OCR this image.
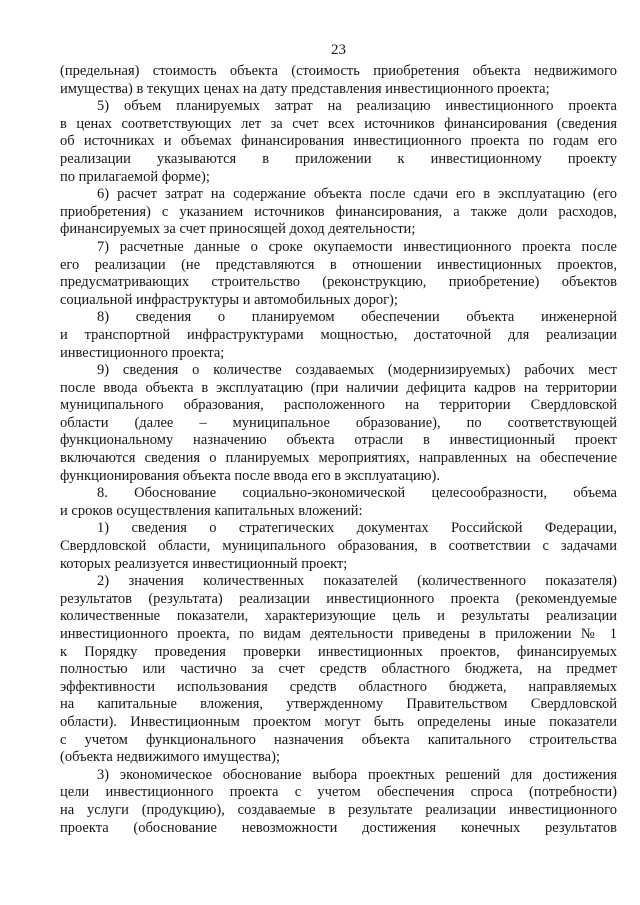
23
(предельная) стоимость объекта (стоимость приобретения объекта недвижимого
имущества) в текущих ценах на дату представления инвестиционного проекта;
5) объем планируемых затрат на реализацию инвестиционного проекта
в ценах соответствующих лет за счет всех источников финансирования (сведения
об источниках и объемах финансирования инвестиционного проекта по годам его
реализации указываются в приложении к инвестиционному проекту
по прилагаемой форме);
6) расчет затрат на содержание объекта после сдачи его в эксплуатацию (его
приобретения) с указанием источников финансирования, а также доли расходов,
финансируемых за счет приносящей доход деятельности;
7) расчетные данные о сроке окупаемости инвестиционного проекта после
его реализации (не представляются в отношении инвестиционных проектов,
предусматривающих строительство (реконструкцию, приобретение) объектов
социальной инфраструктуры и автомобильных дорог);
8) сведения о планируемом обеспечении объекта инженерной
и транспортной инфраструктурами мощностью, достаточной для реализации
инвестиционного проекта;
9) сведения о количестве создаваемых (модернизируемых) рабочих мест
после ввода объекта в эксплуатацию (при наличии дефицита кадров на территории
муниципального образования, расположенного на территории Свердловской
области (далее – муниципальное образование), по соответствующей
функциональному назначению объекта отрасли в инвестиционный проект
включаются сведения о планируемых мероприятиях, направленных на обеспечение
функционирования объекта после ввода его в эксплуатацию).
8. Обоснование социально-экономической целесообразности, объема
и сроков осуществления капитальных вложений:
1) сведения о стратегических документах Российской Федерации,
Свердловской области, муниципального образования, в соответствии с задачами
которых реализуется инвестиционный проект;
2) значения количественных показателей (количественного показателя)
результатов (результата) реализации инвестиционного проекта (рекомендуемые
количественные показатели, характеризующие цель и результаты реализации
инвестиционного проекта, по видам деятельности приведены в приложении № 1
к Порядку проведения проверки инвестиционных проектов, финансируемых
полностью или частично за счет средств областного бюджета, на предмет
эффективности использования средств областного бюджета, направляемых
на капитальные вложения, утвержденному Правительством Свердловской
области). Инвестиционным проектом могут быть определены иные показатели
с учетом функционального назначения объекта капитального строительства
(объекта недвижимого имущества);
3) экономическое обоснование выбора проектных решений для достижения
цели инвестиционного проекта с учетом обеспечения спроса (потребности)
на услуги (продукцию), создаваемые в результате реализации инвестиционного
проекта (обоснование невозможности достижения конечных результатов
